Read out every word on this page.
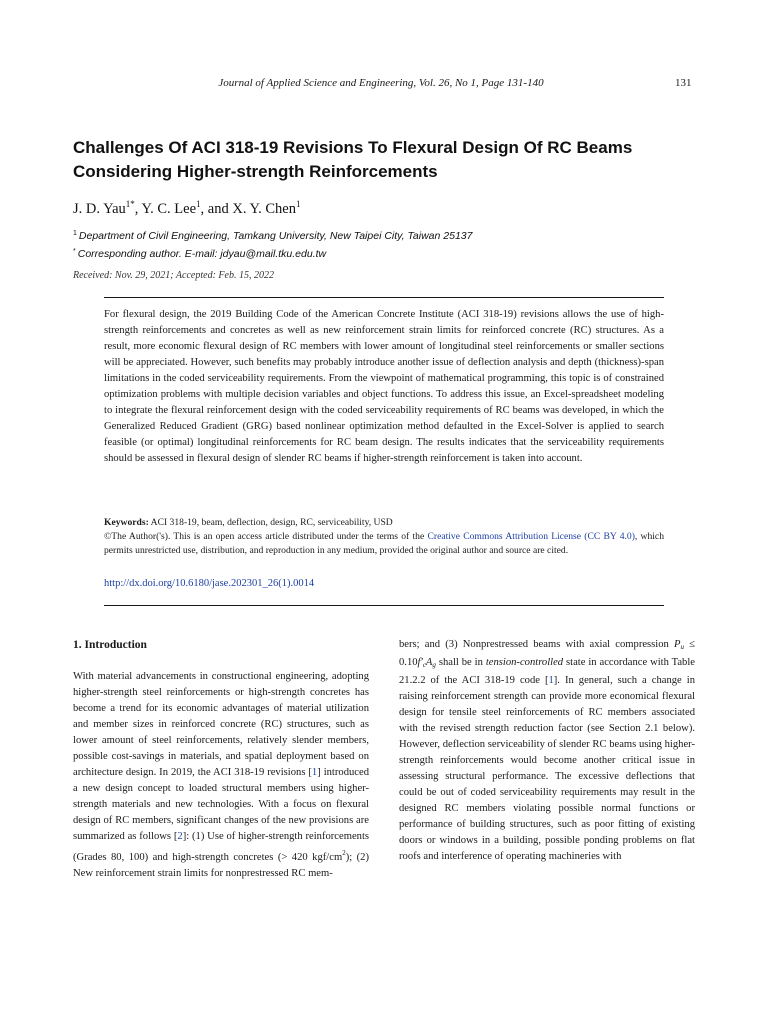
Journal of Applied Science and Engineering, Vol. 26, No 1, Page 131-140	131
Challenges Of ACI 318-19 Revisions To Flexural Design Of RC Beams
Considering Higher-strength Reinforcements
J. D. Yau$^{1*}$, Y. C. Lee$^1$, and X. Y. Chen$^1$
$^1$ Department of Civil Engineering, Tamkang University, New Taipei City, Taiwan 25137
* Corresponding author. E-mail: jdyau@mail.tku.edu.tw
Received: Nov. 29, 2021; Accepted: Feb. 15, 2022
For flexural design, the 2019 Building Code of the American Concrete Institute (ACI 318-19) revisions allows the use of high-strength reinforcements and concretes as well as new reinforcement strain limits for reinforced concrete (RC) structures. As a result, more economic flexural design of RC members with lower amount of longitudinal steel reinforcements or smaller sections will be appreciated. However, such benefits may probably introduce another issue of deflection analysis and depth (thickness)-span limitations in the coded serviceability requirements. From the viewpoint of mathematical programming, this topic is of constrained optimization problems with multiple decision variables and object functions. To address this issue, an Excel-spreadsheet modeling to integrate the flexural reinforcement design with the coded serviceability requirements of RC beams was developed, in which the Generalized Reduced Gradient (GRG) based nonlinear optimization method defaulted in the Excel-Solver is applied to search feasible (or optimal) longitudinal reinforcements for RC beam design. The results indicates that the serviceability requirements should be assessed in flexural design of slender RC beams if higher-strength reinforcement is taken into account.
Keywords: ACI 318-19, beam, deflection, design, RC, serviceability, USD
©The Author('s). This is an open access article distributed under the terms of the Creative Commons Attribution License (CC BY 4.0), which permits unrestricted use, distribution, and reproduction in any medium, provided the original author and source are cited.
http://dx.doi.org/10.6180/jase.202301_26(1).0014
1. Introduction

With material advancements in constructional engineering, adopting higher-strength steel reinforcements or high-strength concretes has become a trend for its economic advantages of material utilization and member sizes in reinforced concrete (RC) structures, such as lower amount of steel reinforcements, relatively slender members, possible cost-savings in materials, and spatial deployment based on architecture design. In 2019, the ACI 318-19 revisions [1] introduced a new design concept to loaded structural members using higher-strength materials and new technologies. With a focus on flexural design of RC members, significant changes of the new provisions are summarized as follows [2]: (1) Use of higher-strength reinforcements (Grades 80, 100) and high-strength concretes (> 420 kgf/$cm^2$); (2) New reinforcement strain limits for nonprestressed RC mem-

bers; and (3) Nonprestressed beams with axial compression $P_u \le 0.10f'_cA_g$ shall be in tension-controlled state in accordance with Table 21.2.2 of the ACI 318-19 code [1]. In general, such a change in raising reinforcement strength can provide more economical flexural design for tensile steel reinforcements of RC members associated with the revised strength reduction factor (see Section 2.1 below). However, deflection serviceability of slender RC beams using higher-strength reinforcements would become another critical issue in assessing structural performance. The excessive deflections that could be out of coded serviceability requirements may result in the designed RC members violating possible normal functions or performance of building structures, such as poor fitting of existing doors or windows in a building, possible ponding problems on flat roofs and interference of operating machineries with
